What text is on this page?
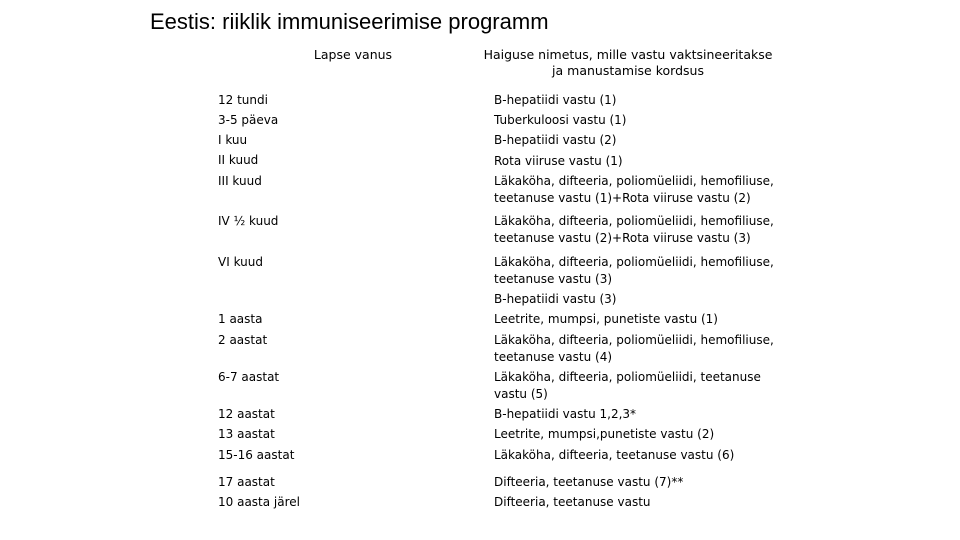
Eestis: riiklik immuniseerimise programm
Lapse vanus	Haiguse nimetus, mille vastu vaktsineeritakse
ja manustamise kordsus
12 tundi
3-5 päeva
I kuu
II kuud
III kuud
IV ½ kuud
VI kuud
1 aasta
2 aastat
6-7 aastat
12 aastat
13 aastat
15-16 aastat
17 aastat
10 aasta järel
B-hepatiidi vastu (1)
Tuberkuloosi vastu (1)
B-hepatiidi vastu (2)
Rota viiruse vastu (1)
Läkaköha, difteeria, poliomüeliidi, hemofiliuse,
teetanuse vastu (1)+Rota viiruse vastu (2)
Läkaköha, difteeria, poliomüeliidi, hemofiliuse,
teetanuse vastu (2)+Rota viiruse vastu (3)
Läkaköha, difteeria, poliomüeliidi, hemofiliuse,
teetanuse vastu (3)
B-hepatiidi vastu (3)
Leetrite, mumpsi, punetiste vastu (1)
Läkaköha, difteeria, poliomüeliidi, hemofiliuse,
teetanuse vastu (4)
Läkaköha, difteeria, poliomüeliidi, teetanuse
vastu (5)
B-hepatiidi vastu 1,2,3*
Leetrite, mumpsi,punetiste vastu (2)
Läkaköha, difteeria, teetanuse vastu (6)
Difteeria, teetanuse vastu (7)**
Difteeria, teetanuse vastu
